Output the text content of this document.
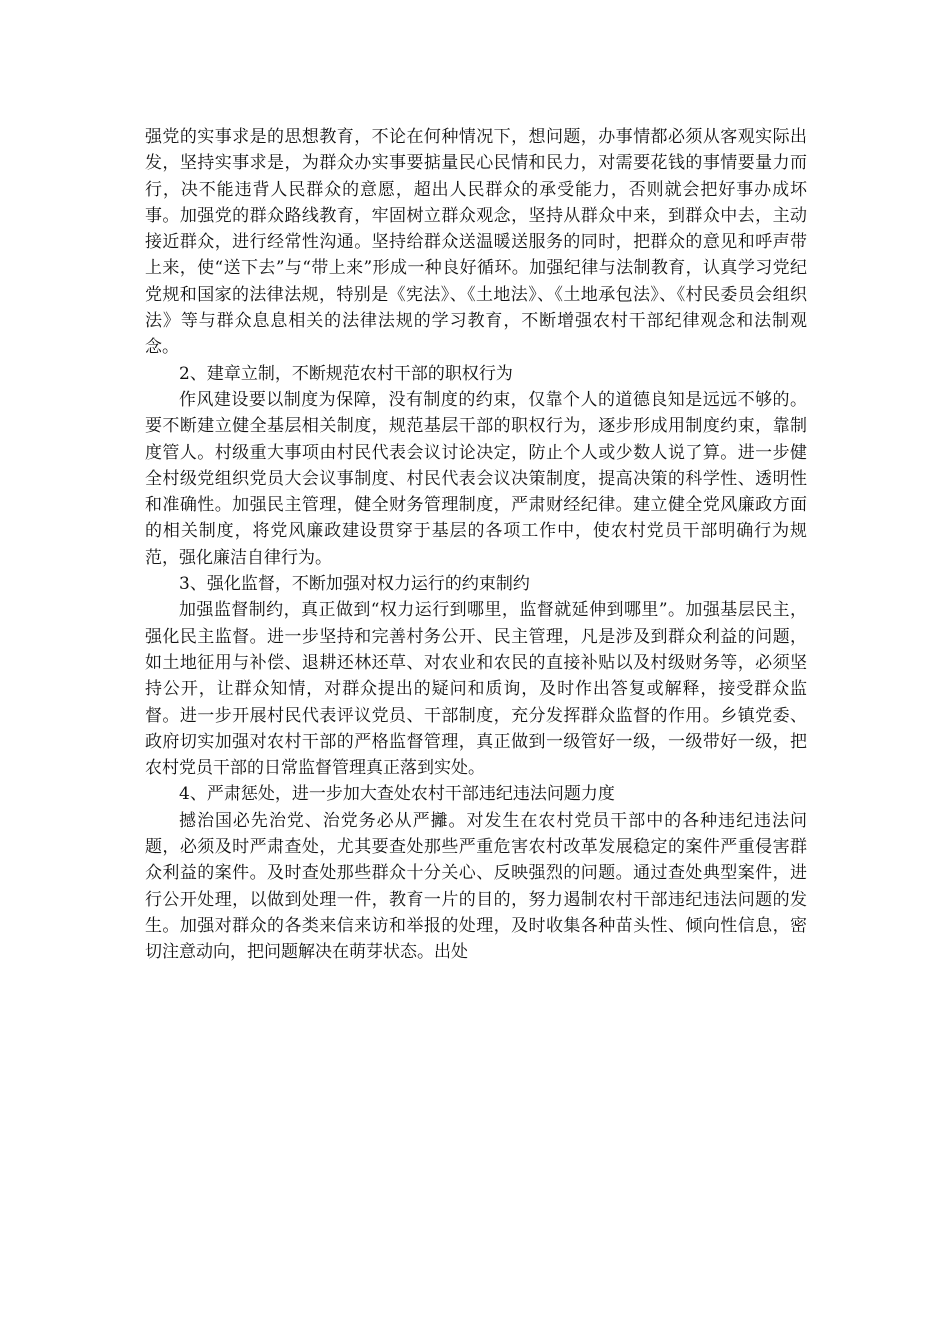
强党的实事求是的思想教育，不论在何种情况下，想问题，办事情都必须从客观实际出发，坚持实事求是，为群众办实事要掂量民心民情和民力，对需要花钱的事情要量力而行，决不能违背人民群众的意愿，超出人民群众的承受能力，否则就会把好事办成坏事。加强党的群众路线教育，牢固树立群众观念，坚持从群众中来，到群众中去，主动接近群众，进行经常性沟通。坚持给群众送温暖送服务的同时，把群众的意见和呼声带上来，使“送下去”与“带上来”形成一种良好循环。加强纪律与法制教育，认真学习党纪党规和国家的法律法规，特别是《宪法》、《土地法》、《土地承包法》、《村民委员会组织法》等与群众息息相关的法律法规的学习教育，不断增强农村干部纪律观念和法制观念。

2、建章立制，不断规范农村干部的职权行为

作风建设要以制度为保障，没有制度的约束，仅靠个人的道德良知是远远不够的。要不断建立健全基层相关制度，规范基层干部的职权行为，逐步形成用制度约束，靠制度管人。村级重大事项由村民代表会议讨论决定，防止个人或少数人说了算。进一步健全村级党组织党员大会议事制度、村民代表会议决策制度，提高决策的科学性、透明性和准确性。加强民主管理，健全财务管理制度，严肃财经纪律。建立健全党风廉政方面的相关制度，将党风廉政建设贯穿于基层的各项工作中，使农村党员干部明确行为规范，强化廉洁自律行为。

3、强化监督，不断加强对权力运行的约束制约

加强监督制约，真正做到“权力运行到哪里，监督就延伸到哪里”。加强基层民主，强化民主监督。进一步坚持和完善村务公开、民主管理，凡是涉及到群众利益的问题，如土地征用与补偿、退耕还林还草、对农业和农民的直接补贴以及村级财务等，必须坚持公开，让群众知情，对群众提出的疑问和质询，及时作出答复或解释，接受群众监督。进一步开展村民代表评议党员、干部制度，充分发挥群众监督的作用。乡镇党委、政府切实加强对农村干部的严格监督管理，真正做到一级管好一级，一级带好一级，把农村党员干部的日常监督管理真正落到实处。

4、严肃惩处，进一步加大查处农村干部违纪违法问题力度

撼治国必先治党、治党务必从严攡。对发生在农村党员干部中的各种违纪违法问题，必须及时严肃查处，尤其要查处那些严重危害农村改革发展稳定的案件严重侵害群众利益的案件。及时查处那些群众十分关心、反映强烈的问题。通过查处典型案件，进行公开处理，以做到处理一件，教育一片的目的，努力遏制农村干部违纪违法问题的发生。加强对群众的各类来信来访和举报的处理，及时收集各种苗头性、倾向性信息，密切注意动向，把问题解决在萌芽状态。出处
